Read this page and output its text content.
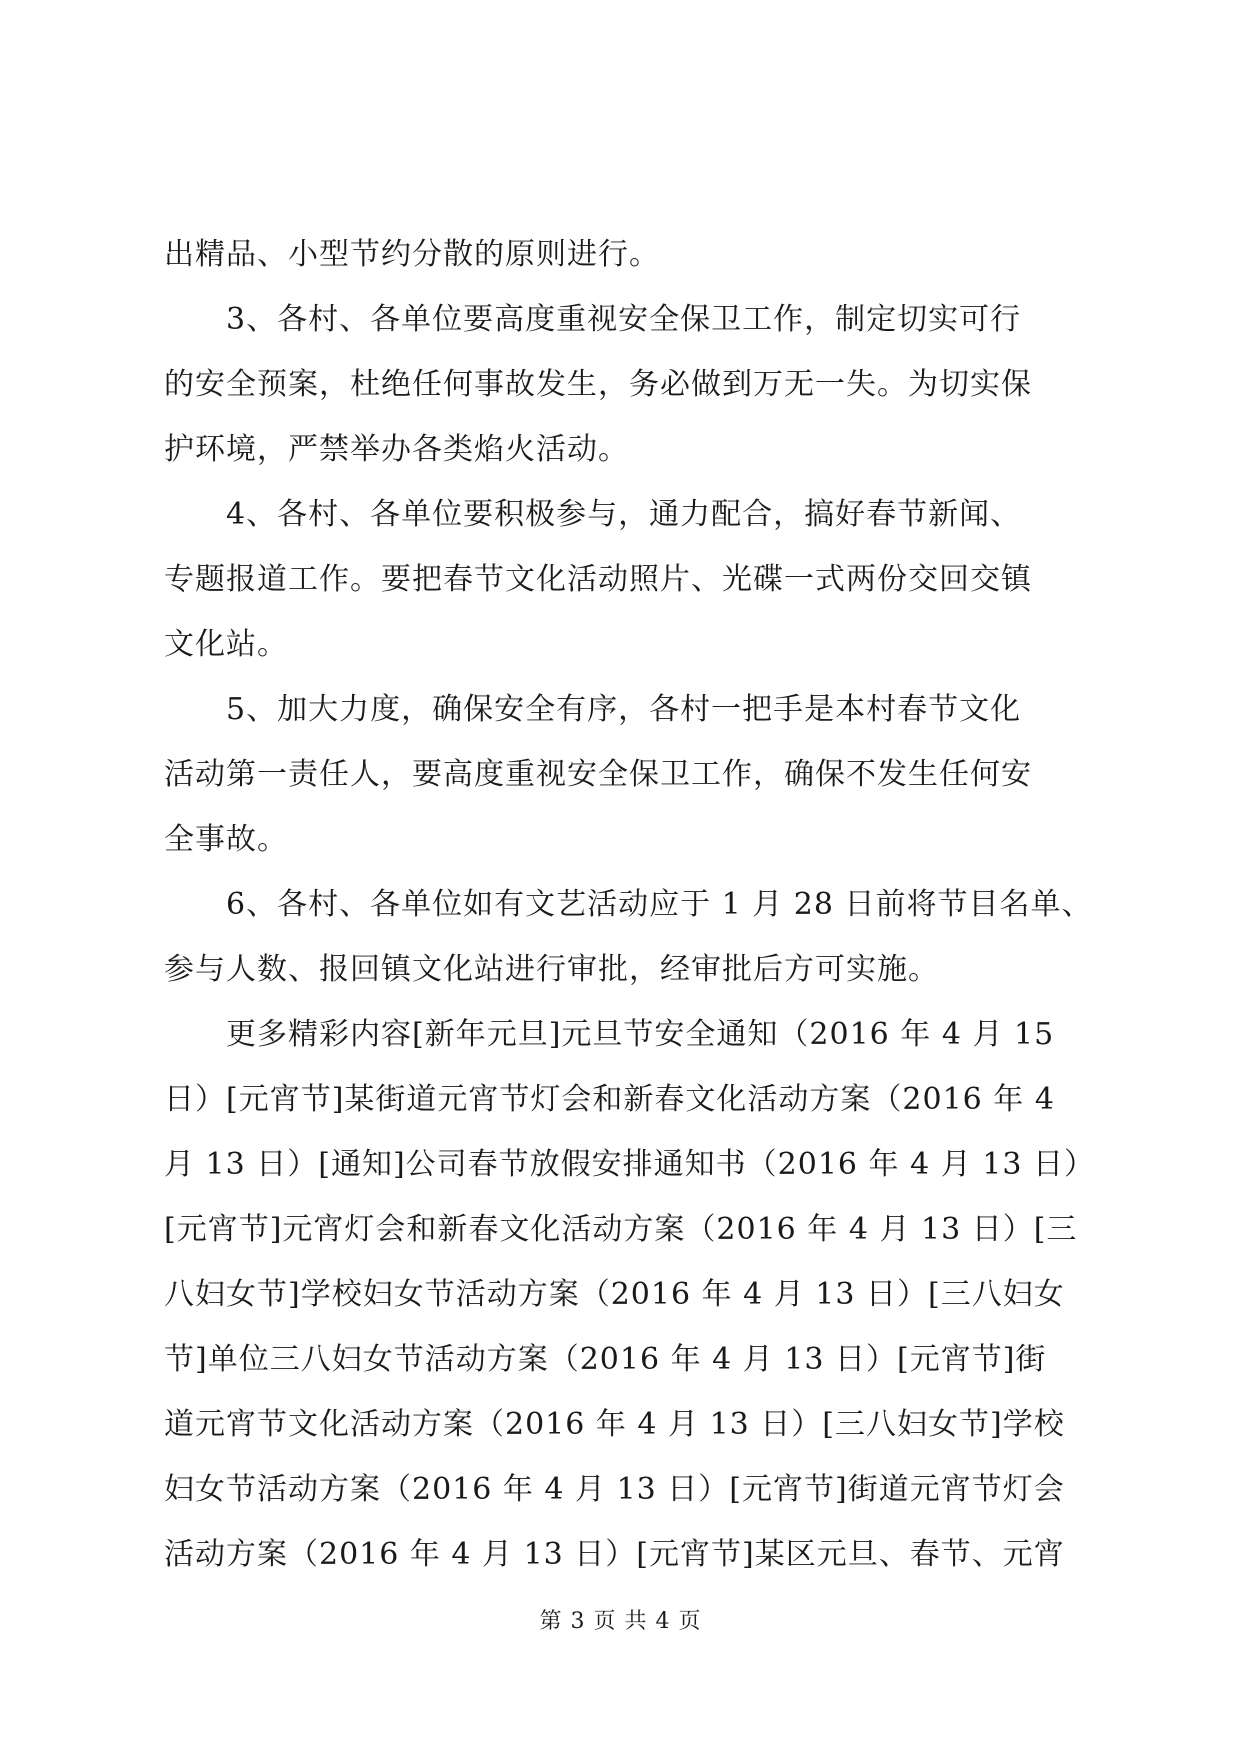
出精品、小型节约分散的原则进行。
　　3、各村、各单位要高度重视安全保卫工作，制定切实可行
的安全预案，杜绝任何事故发生，务必做到万无一失。为切实保
护环境，严禁举办各类焰火活动。
　　4、各村、各单位要积极参与，通力配合，搞好春节新闻、
专题报道工作。要把春节文化活动照片、光碟一式两份交回交镇
文化站。
　　5、加大力度，确保安全有序，各村一把手是本村春节文化
活动第一责任人，要高度重视安全保卫工作，确保不发生任何安
全事故。
　　6、各村、各单位如有文艺活动应于 1 月 28 日前将节目名单、
参与人数、报回镇文化站进行审批，经审批后方可实施。
　　更多精彩内容[新年元旦]元旦节安全通知（2016 年 4 月 15
日）[元宵节]某街道元宵节灯会和新春文化活动方案（2016 年 4
月 13 日）[通知]公司春节放假安排通知书（2016 年 4 月 13 日）
[元宵节]元宵灯会和新春文化活动方案（2016 年 4 月 13 日）[三
八妇女节]学校妇女节活动方案（2016 年 4 月 13 日）[三八妇女
节]单位三八妇女节活动方案（2016 年 4 月 13 日）[元宵节]街
道元宵节文化活动方案（2016 年 4 月 13 日）[三八妇女节]学校
妇女节活动方案（2016 年 4 月 13 日）[元宵节]街道元宵节灯会
活动方案（2016 年 4 月 13 日）[元宵节]某区元旦、春节、元宵
第 3 页 共 4 页
